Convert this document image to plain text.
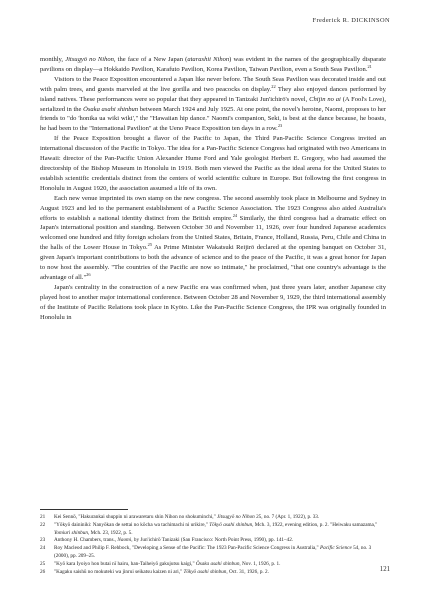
Frederick R. DICKINSON

monthly, Jitsugyō no Nihon, the face of a New Japan (atarashii Nihon) was evident in the names of the geographically disparate pavilions on display—a Hokkaido Pavilion, Karafuto Pavilion, Korea Pavilion, Taiwan Pavilion, even a South Seas Pavilion.$^{21}$

Visitors to the Peace Exposition encountered a Japan like never before. The South Seas Pavilion was decorated inside and out with palm trees, and guests marveled at the live gorilla and two peacocks on display.$^{22}$ They also enjoyed dances performed by island natives. These performances were so popular that they appeared in Tanizaki Jun'ichirō's novel, Chijin no ai (A Fool's Love), serialized in the Ōsaka asahi shinbun between March 1924 and July 1925. At one point, the novel's heroine, Naomi, proposes to her friends to "do 'honika ua wiki wiki'," the "Hawaiian hip dance." Naomi's companion, Seki, is best at the dance because, he boasts, he had been to the "International Pavilion" at the Ueno Peace Exposition ten days in a row.$^{23}$

If the Peace Exposition brought a flavor of the Pacific to Japan, the Third Pan-Pacific Science Congress invited an international discussion of the Pacific in Tokyo. The idea for a Pan-Pacific Science Congress had originated with two Americans in Hawaii: director of the Pan-Pacific Union Alexander Hume Ford and Yale geologist Herbert E. Gregory, who had assumed the directorship of the Bishop Museum in Honolulu in 1919. Both men viewed the Pacific as the ideal arena for the United States to establish scientific credentials distinct from the centers of world scientific culture in Europe. But following the first congress in Honolulu in August 1920, the association assumed a life of its own.

Each new venue imprinted its own stamp on the new congress. The second assembly took place in Melbourne and Sydney in August 1923 and led to the permanent establishment of a Pacific Science Association. The 1923 Congress also aided Australia's efforts to establish a national identity distinct from the British empire.$^{24}$ Similarly, the third congress had a dramatic effect on Japan's international position and standing. Between October 30 and November 11, 1926, over four hundred Japanese academics welcomed one hundred and fifty foreign scholars from the United States, Britain, France, Holland, Russia, Peru, Chile and China in the halls of the Lower House in Tokyo.$^{25}$ As Prime Minister Wakatsuki Reijirō declared at the opening banquet on October 31, given Japan's important contributions to both the advance of science and to the peace of the Pacific, it was a great honor for Japan to now host the assembly. "The countries of the Pacific are now so intimate," he proclaimed, "that one country's advantage is the advantage of all."$^{26}$

Japan's centrality in the construction of a new Pacific era was confirmed when, just three years later, another Japanese city played host to another major international conference. Between October 28 and November 9, 1929, the third international assembly of the Institute of Pacific Relations took place in Kyōto. Like the Pan-Pacific Science Congress, the IPR was originally founded in Honolulu in

21	Kei Sennō, "Hakurankai shuppin ni arawaretaru shin Nihon no shokuminchi," Jitsugyō no Nihon 25, no. 7 (Apr. 1, 1922), p. 33.
22	"Yōkyō daininiki: Nanyōkan de settai no kōcha wa tachimachi ni urikire," Tōkyō asahi shinbun, Mch. 3, 1922, evening edition, p. 2. "Heiwaku samazama," Yomiuri shinbun, Mch. 23, 1922, p. 5.
23	Anthony H. Chambers, trans., Naomi, by Jun'ichirō Tanizaki (San Francisco: North Point Press, 1990), pp. 141–42.
24	Roy Macleod and Philip F. Rehbock, "Developing a Sense of the Pacific: The 1923 Pan-Pacific Science Congress in Australia," Pacific Science 54, no. 3 (2000), pp. 209–25.
25	"Kyō kara Iyoiyo hon butai nī hairu, han-Taiheiyō gakujutsu kaigi," Ōsaka asahi shinbun, Nov. 1, 1926, p. 1.
26	"Kagaku saishū no mokuteki wa jinrui seikatsu kaizen ni ari," Tōkyō asahi shinbun, Oct. 31, 1926, p. 2.	121
